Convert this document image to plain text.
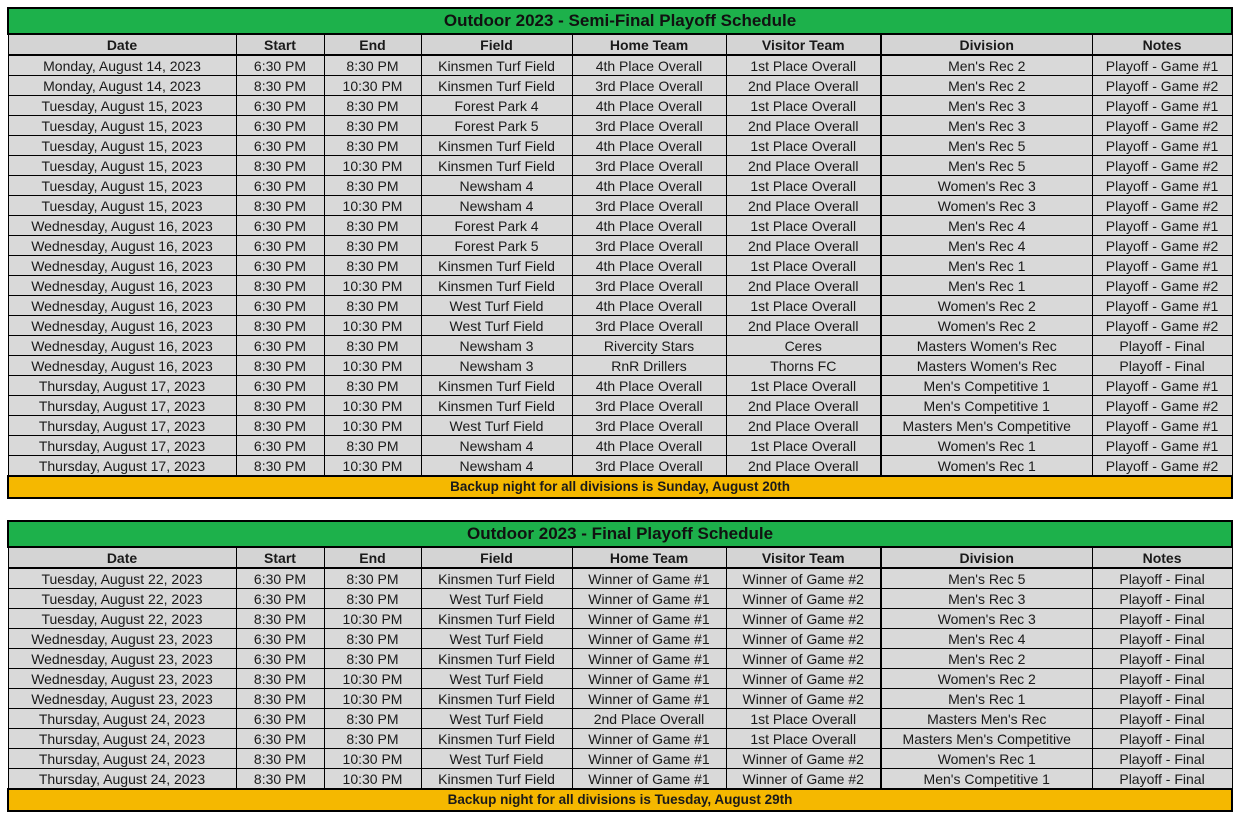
Outdoor 2023 - Semi-Final Playoff Schedule							
Date	Start	End	Field	Home Team	Visitor Team	Division	Notes
Monday, August 14, 2023	6:30 PM	8:30 PM	Kinsmen Turf Field	4th Place Overall	1st Place Overall	Men's Rec 2	Playoff - Game #1
Monday, August 14, 2023	8:30 PM	10:30 PM	Kinsmen Turf Field	3rd Place Overall	2nd Place Overall	Men's Rec 2	Playoff - Game #2
Tuesday, August 15, 2023	6:30 PM	8:30 PM	Forest Park 4	4th Place Overall	1st Place Overall	Men's Rec 3	Playoff - Game #1
Tuesday, August 15, 2023	6:30 PM	8:30 PM	Forest Park 5	3rd Place Overall	2nd Place Overall	Men's Rec 3	Playoff - Game #2
Tuesday, August 15, 2023	6:30 PM	8:30 PM	Kinsmen Turf Field	4th Place Overall	1st Place Overall	Men's Rec 5	Playoff - Game #1
Tuesday, August 15, 2023	8:30 PM	10:30 PM	Kinsmen Turf Field	3rd Place Overall	2nd Place Overall	Men's Rec 5	Playoff - Game #2
Tuesday, August 15, 2023	6:30 PM	8:30 PM	Newsham 4	4th Place Overall	1st Place Overall	Women's Rec 3	Playoff - Game #1
Tuesday, August 15, 2023	8:30 PM	10:30 PM	Newsham 4	3rd Place Overall	2nd Place Overall	Women's Rec 3	Playoff - Game #2
Wednesday, August 16, 2023	6:30 PM	8:30 PM	Forest Park 4	4th Place Overall	1st Place Overall	Men's Rec 4	Playoff - Game #1
Wednesday, August 16, 2023	6:30 PM	8:30 PM	Forest Park 5	3rd Place Overall	2nd Place Overall	Men's Rec 4	Playoff - Game #2
Wednesday, August 16, 2023	6:30 PM	8:30 PM	Kinsmen Turf Field	4th Place Overall	1st Place Overall	Men's Rec 1	Playoff - Game #1
Wednesday, August 16, 2023	8:30 PM	10:30 PM	Kinsmen Turf Field	3rd Place Overall	2nd Place Overall	Men's Rec 1	Playoff - Game #2
Wednesday, August 16, 2023	6:30 PM	8:30 PM	West Turf Field	4th Place Overall	1st Place Overall	Women's Rec 2	Playoff - Game #1
Wednesday, August 16, 2023	8:30 PM	10:30 PM	West Turf Field	3rd Place Overall	2nd Place Overall	Women's Rec 2	Playoff - Game #2
Wednesday, August 16, 2023	6:30 PM	8:30 PM	Newsham 3	Rivercity Stars	Ceres	Masters Women's Rec	Playoff - Final
Wednesday, August 16, 2023	8:30 PM	10:30 PM	Newsham 3	RnR Drillers	Thorns FC	Masters Women's Rec	Playoff - Final
Thursday, August 17, 2023	6:30 PM	8:30 PM	Kinsmen Turf Field	4th Place Overall	1st Place Overall	Men's Competitive 1	Playoff - Game #1
Thursday, August 17, 2023	8:30 PM	10:30 PM	Kinsmen Turf Field	3rd Place Overall	2nd Place Overall	Men's Competitive 1	Playoff - Game #2
Thursday, August 17, 2023	8:30 PM	10:30 PM	West Turf Field	3rd Place Overall	2nd Place Overall	Masters Men's Competitive	Playoff - Game #1
Thursday, August 17, 2023	6:30 PM	8:30 PM	Newsham 4	4th Place Overall	1st Place Overall	Women's Rec 1	Playoff - Game #1
Thursday, August 17, 2023	8:30 PM	10:30 PM	Newsham 4	3rd Place Overall	2nd Place Overall	Women's Rec 1	Playoff - Game #2
Backup night for all divisions is Sunday, August 20th							
Outdoor 2023 - Final Playoff Schedule							
Date	Start	End	Field	Home Team	Visitor Team	Division	Notes
Tuesday, August 22, 2023	6:30 PM	8:30 PM	Kinsmen Turf Field	Winner of Game #1	Winner of Game #2	Men's Rec 5	Playoff - Final
Tuesday, August 22, 2023	6:30 PM	8:30 PM	West Turf Field	Winner of Game #1	Winner of Game #2	Men's Rec 3	Playoff - Final
Tuesday, August 22, 2023	8:30 PM	10:30 PM	Kinsmen Turf Field	Winner of Game #1	Winner of Game #2	Women's Rec 3	Playoff - Final
Wednesday, August 23, 2023	6:30 PM	8:30 PM	West Turf Field	Winner of Game #1	Winner of Game #2	Men's Rec 4	Playoff - Final
Wednesday, August 23, 2023	6:30 PM	8:30 PM	Kinsmen Turf Field	Winner of Game #1	Winner of Game #2	Men's Rec 2	Playoff - Final
Wednesday, August 23, 2023	8:30 PM	10:30 PM	West Turf Field	Winner of Game #1	Winner of Game #2	Women's Rec 2	Playoff - Final
Wednesday, August 23, 2023	8:30 PM	10:30 PM	Kinsmen Turf Field	Winner of Game #1	Winner of Game #2	Men's Rec 1	Playoff - Final
Thursday, August 24, 2023	6:30 PM	8:30 PM	West Turf Field	2nd Place Overall	1st Place Overall	Masters Men's Rec	Playoff - Final
Thursday, August 24, 2023	6:30 PM	8:30 PM	Kinsmen Turf Field	Winner of Game #1	1st Place Overall	Masters Men's Competitive	Playoff - Final
Thursday, August 24, 2023	8:30 PM	10:30 PM	West Turf Field	Winner of Game #1	Winner of Game #2	Women's Rec 1	Playoff - Final
Thursday, August 24, 2023	8:30 PM	10:30 PM	Kinsmen Turf Field	Winner of Game #1	Winner of Game #2	Men's Competitive 1	Playoff - Final
Backup night for all divisions is Tuesday, August 29th							
